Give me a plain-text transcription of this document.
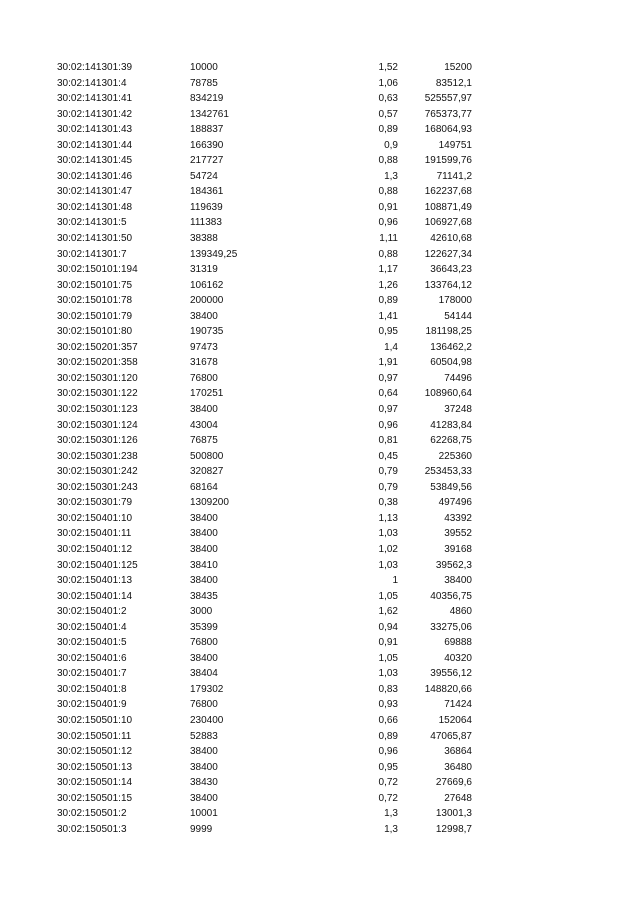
30:02:141301:39	10000	1,52	15200
30:02:141301:4	78785	1,06	83512,1
30:02:141301:41	834219	0,63	525557,97
30:02:141301:42	1342761	0,57	765373,77
30:02:141301:43	188837	0,89	168064,93
30:02:141301:44	166390	0,9	149751
30:02:141301:45	217727	0,88	191599,76
30:02:141301:46	54724	1,3	71141,2
30:02:141301:47	184361	0,88	162237,68
30:02:141301:48	119639	0,91	108871,49
30:02:141301:5	111383	0,96	106927,68
30:02:141301:50	38388	1,11	42610,68
30:02:141301:7	139349,25	0,88	122627,34
30:02:150101:194	31319	1,17	36643,23
30:02:150101:75	106162	1,26	133764,12
30:02:150101:78	200000	0,89	178000
30:02:150101:79	38400	1,41	54144
30:02:150101:80	190735	0,95	181198,25
30:02:150201:357	97473	1,4	136462,2
30:02:150201:358	31678	1,91	60504,98
30:02:150301:120	76800	0,97	74496
30:02:150301:122	170251	0,64	108960,64
30:02:150301:123	38400	0,97	37248
30:02:150301:124	43004	0,96	41283,84
30:02:150301:126	76875	0,81	62268,75
30:02:150301:238	500800	0,45	225360
30:02:150301:242	320827	0,79	253453,33
30:02:150301:243	68164	0,79	53849,56
30:02:150301:79	1309200	0,38	497496
30:02:150401:10	38400	1,13	43392
30:02:150401:11	38400	1,03	39552
30:02:150401:12	38400	1,02	39168
30:02:150401:125	38410	1,03	39562,3
30:02:150401:13	38400	1	38400
30:02:150401:14	38435	1,05	40356,75
30:02:150401:2	3000	1,62	4860
30:02:150401:4	35399	0,94	33275,06
30:02:150401:5	76800	0,91	69888
30:02:150401:6	38400	1,05	40320
30:02:150401:7	38404	1,03	39556,12
30:02:150401:8	179302	0,83	148820,66
30:02:150401:9	76800	0,93	71424
30:02:150501:10	230400	0,66	152064
30:02:150501:11	52883	0,89	47065,87
30:02:150501:12	38400	0,96	36864
30:02:150501:13	38400	0,95	36480
30:02:150501:14	38430	0,72	27669,6
30:02:150501:15	38400	0,72	27648
30:02:150501:2	10001	1,3	13001,3
30:02:150501:3	9999	1,3	12998,7
